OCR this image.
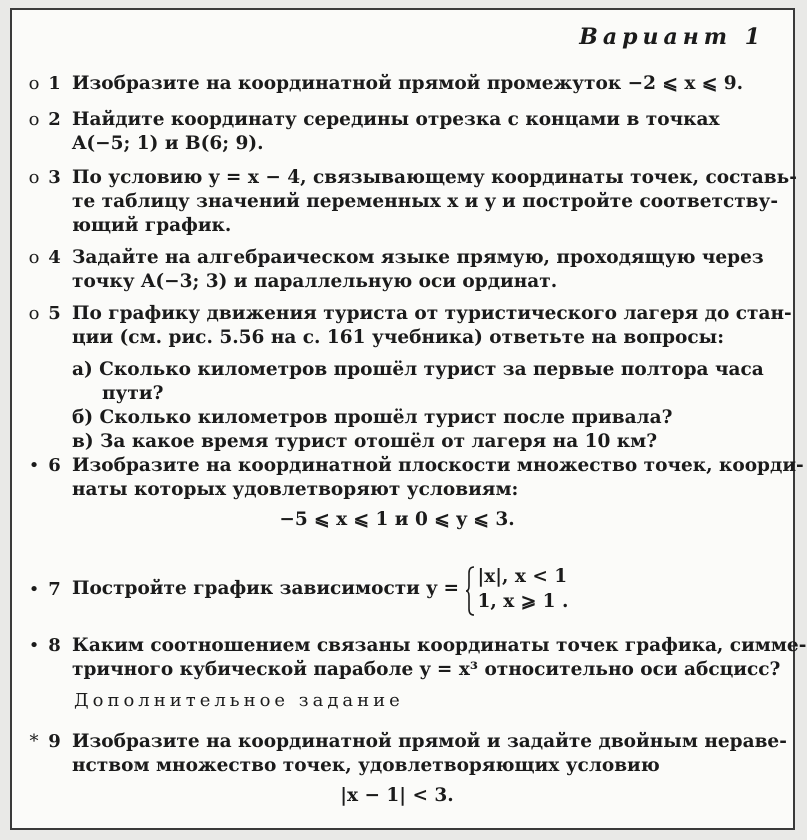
Вариант 1
o 1 Изобразите на координатной прямой промежуток −2 ⩽ x ⩽ 9.
o 2 Найдите координату середины отрезка с концами в точках
A(−5; 1) и B(6; 9).
o 3 По условию y = x − 4, связывающему координаты точек, составь-
те таблицу значений переменных x и y и постройте соответству-
ющий график.
o 4 Задайте на алгебраическом языке прямую, проходящую через
точку A(−3; 3) и параллельную оси ординат.
o 5 По графику движения туриста от туристического лагеря до стан-
ции (см. рис. 5.56 на с. 161 учебника) ответьте на вопросы:
а) Сколько километров прошёл турист за первые полтора часа
пути?
б) Сколько километров прошёл турист после привала?
в) За какое время турист отошёл от лагеря на 10 км?
• 6 Изобразите на координатной плоскости множество точек, коорди-
наты которых удовлетворяют условиям:
−5 ⩽ x ⩽ 1 и 0 ⩽ y ⩽ 3.
• 7 Постройте график зависимости y =
|x|, x < 1
1, x ⩾ 1 .
• 8 Каким соотношением связаны координаты точек графика, симме-
тричного кубической параболе y = x³ относительно оси абсцисс?
Дополнительное задание
* 9 Изобразите на координатной прямой и задайте двойным нераве-
нством множество точек, удовлетворяющих условию
|x − 1| < 3.
